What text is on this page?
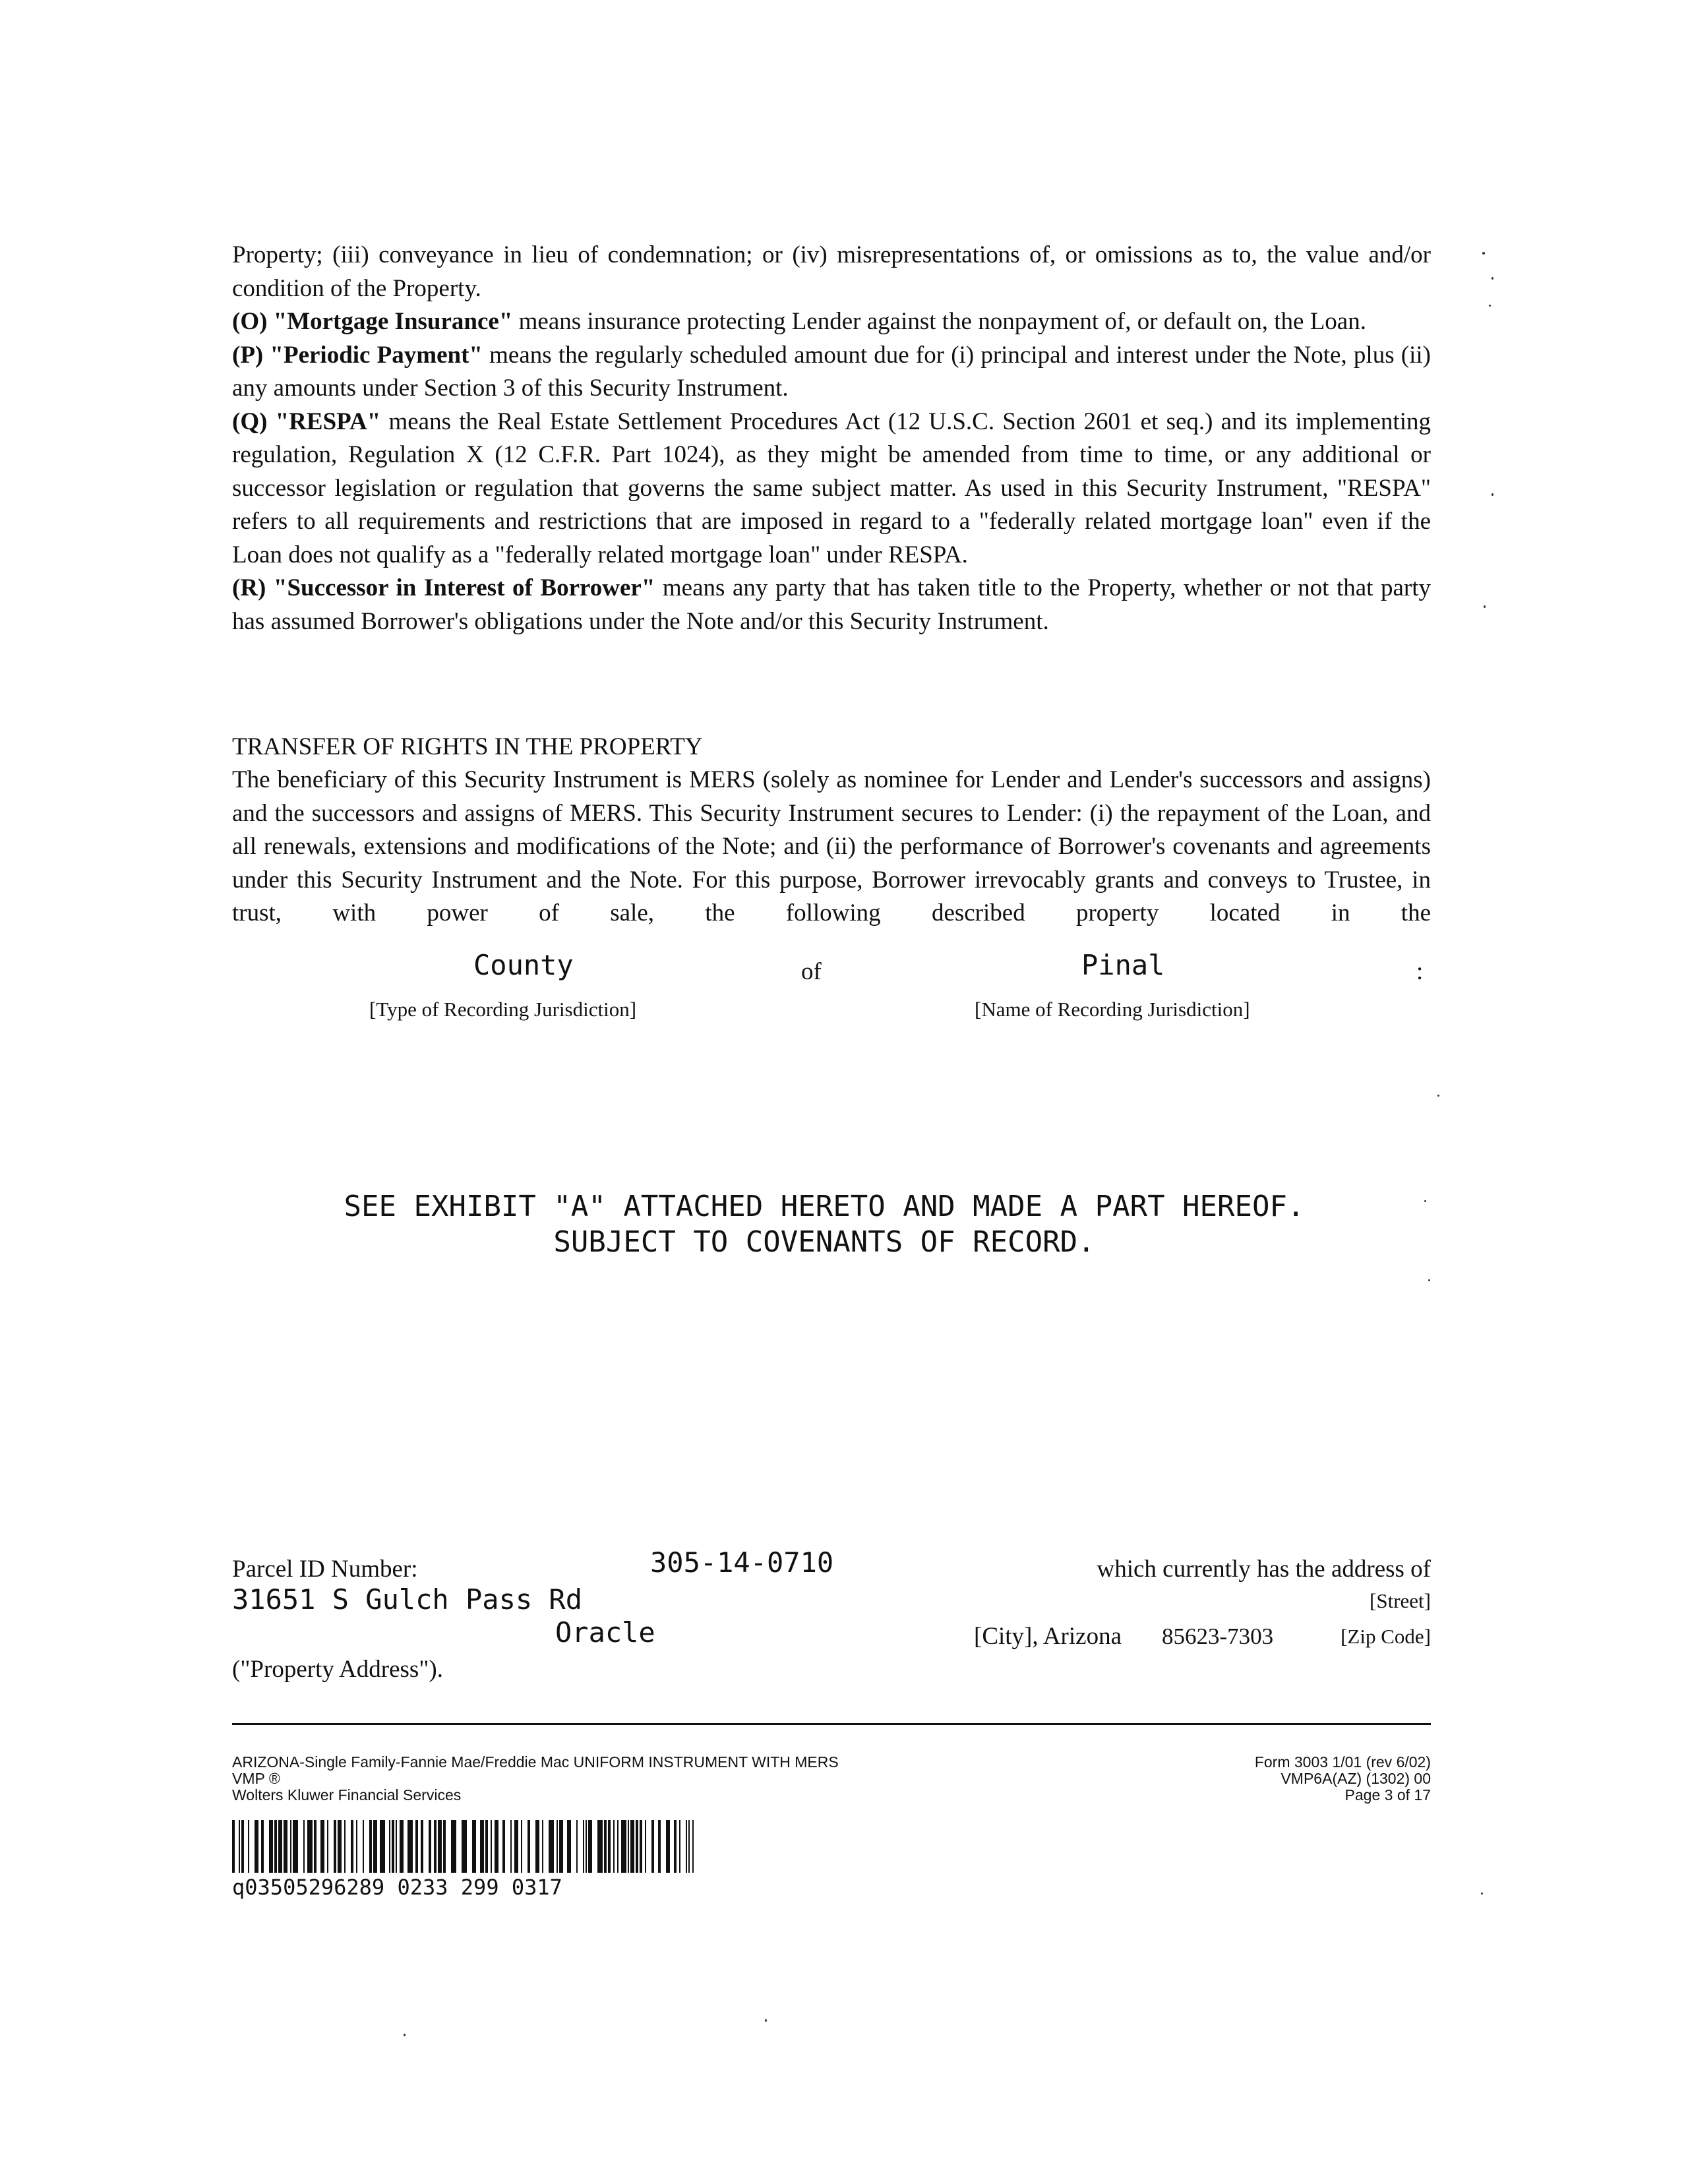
Property; (iii) conveyance in lieu of condemnation; or (iv) misrepresentations of, or omissions as to, the value and/or condition of the Property.

(O) "Mortgage Insurance" means insurance protecting Lender against the nonpayment of, or default on, the Loan.

(P) "Periodic Payment" means the regularly scheduled amount due for (i) principal and interest under the Note, plus (ii) any amounts under Section 3 of this Security Instrument.

(Q) "RESPA" means the Real Estate Settlement Procedures Act (12 U.S.C. Section 2601 et seq.) and its implementing regulation, Regulation X (12 C.F.R. Part 1024), as they might be amended from time to time, or any additional or successor legislation or regulation that governs the same subject matter. As used in this Security Instrument, "RESPA" refers to all requirements and restrictions that are imposed in regard to a "federally related mortgage loan" even if the Loan does not qualify as a "federally related mortgage loan" under RESPA.

(R) "Successor in Interest of Borrower" means any party that has taken title to the Property, whether or not that party has assumed Borrower's obligations under the Note and/or this Security Instrument.

TRANSFER OF RIGHTS IN THE PROPERTY

The beneficiary of this Security Instrument is MERS (solely as nominee for Lender and Lender's successors and assigns) and the successors and assigns of MERS. This Security Instrument secures to Lender: (i) the repayment of the Loan, and all renewals, extensions and modifications of the Note; and (ii) the performance of Borrower's covenants and agreements under this Security Instrument and the Note. For this purpose, Borrower irrevocably grants and conveys to Trustee, in trust, with power of sale, the following described property located in the

County	of	Pinal	:
[Type of Recording Jurisdiction]	[Name of Recording Jurisdiction]
SEE EXHIBIT "A" ATTACHED HERETO AND MADE A PART HEREOF.
SUBJECT TO COVENANTS OF RECORD.
Parcel ID Number:	305-14-0710	which currently has the address of
31651 S Gulch Pass Rd	[Street]
Oracle	[City], Arizona 85623-7303	[Zip Code]
("Property Address").
ARIZONA-Single Family-Fannie Mae/Freddie Mac UNIFORM INSTRUMENT WITH MERS
VMP ®
Wolters Kluwer Financial Services
Form 3003 1/01 (rev 6/02)
VMP6A(AZ) (1302) 00
Page 3 of 17
q03505296289 0233 299 0317
